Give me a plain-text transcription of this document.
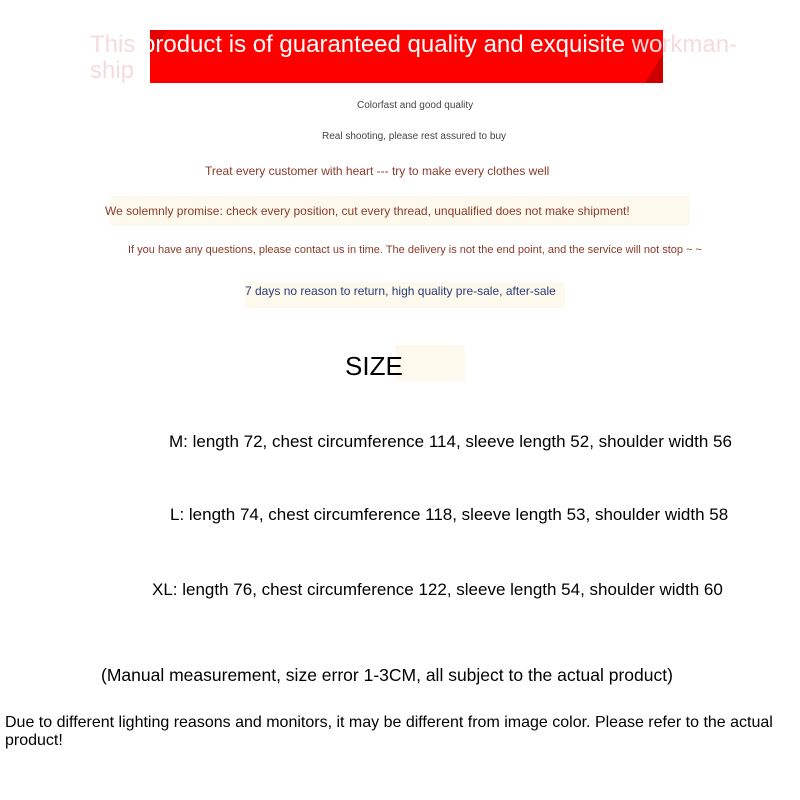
This product is of guaranteed quality and exquisite workman-ship
Colorfast and good quality
Real shooting, please rest assured to buy
Treat every customer with heart --- try to make every clothes well
We solemnly promise: check every position, cut every thread, unqualified does not make shipment!
If you have any questions, please contact us in time. The delivery is not the end point, and the service will not stop ~ ~
7 days no reason to return, high quality pre-sale, after-sale
SIZE
M: length 72, chest circumference 114, sleeve length 52, shoulder width 56
L: length 74, chest circumference 118, sleeve length 53, shoulder width 58
XL: length 76, chest circumference 122, sleeve length 54, shoulder width 60
(Manual measurement, size error 1-3CM, all subject to the actual product)
Due to different lighting reasons and monitors, it may be different from image color. Please refer to the actual product!
